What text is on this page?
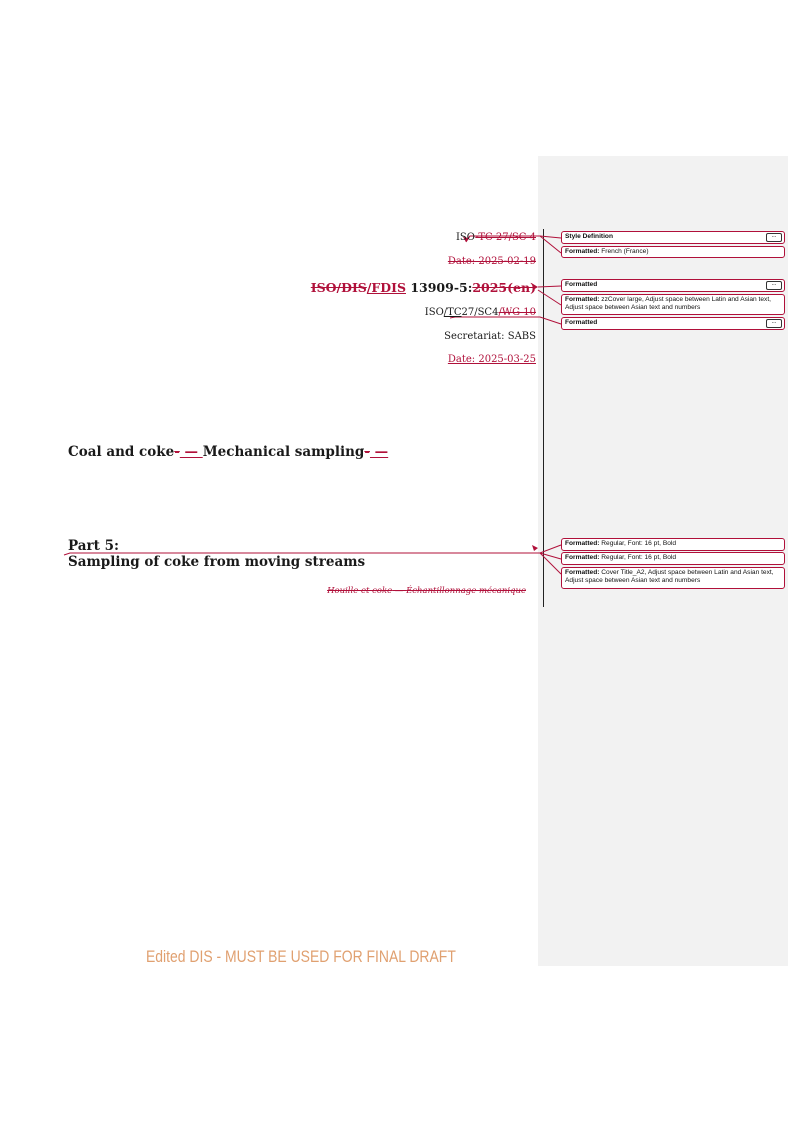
ISO-TC 27/SC 4
Date: 2025-02-19
ISO/DIS/FDIS 13909-5:2025(en)
ISO/TC27/SC4/WG 10
Secretariat: SABS
Date: 2025-03-25
Coal and coke- — Mechanical sampling- —
Part 5:
Sampling of coke from moving streams
Houille et coke — Échantillonnage mécanique
Edited DIS - MUST BE USED FOR FINAL DRAFT
Style Definition	...
Formatted: French (France)
Formatted	...
Formatted: zzCover large, Adjust space between Latin and Asian text, Adjust space between Asian text and numbers
Formatted	...
Formatted: Regular, Font: 16 pt, Bold
Formatted: Regular, Font: 16 pt, Bold
Formatted: Cover Title_A2, Adjust space between Latin and Asian text, Adjust space between Asian text and numbers
